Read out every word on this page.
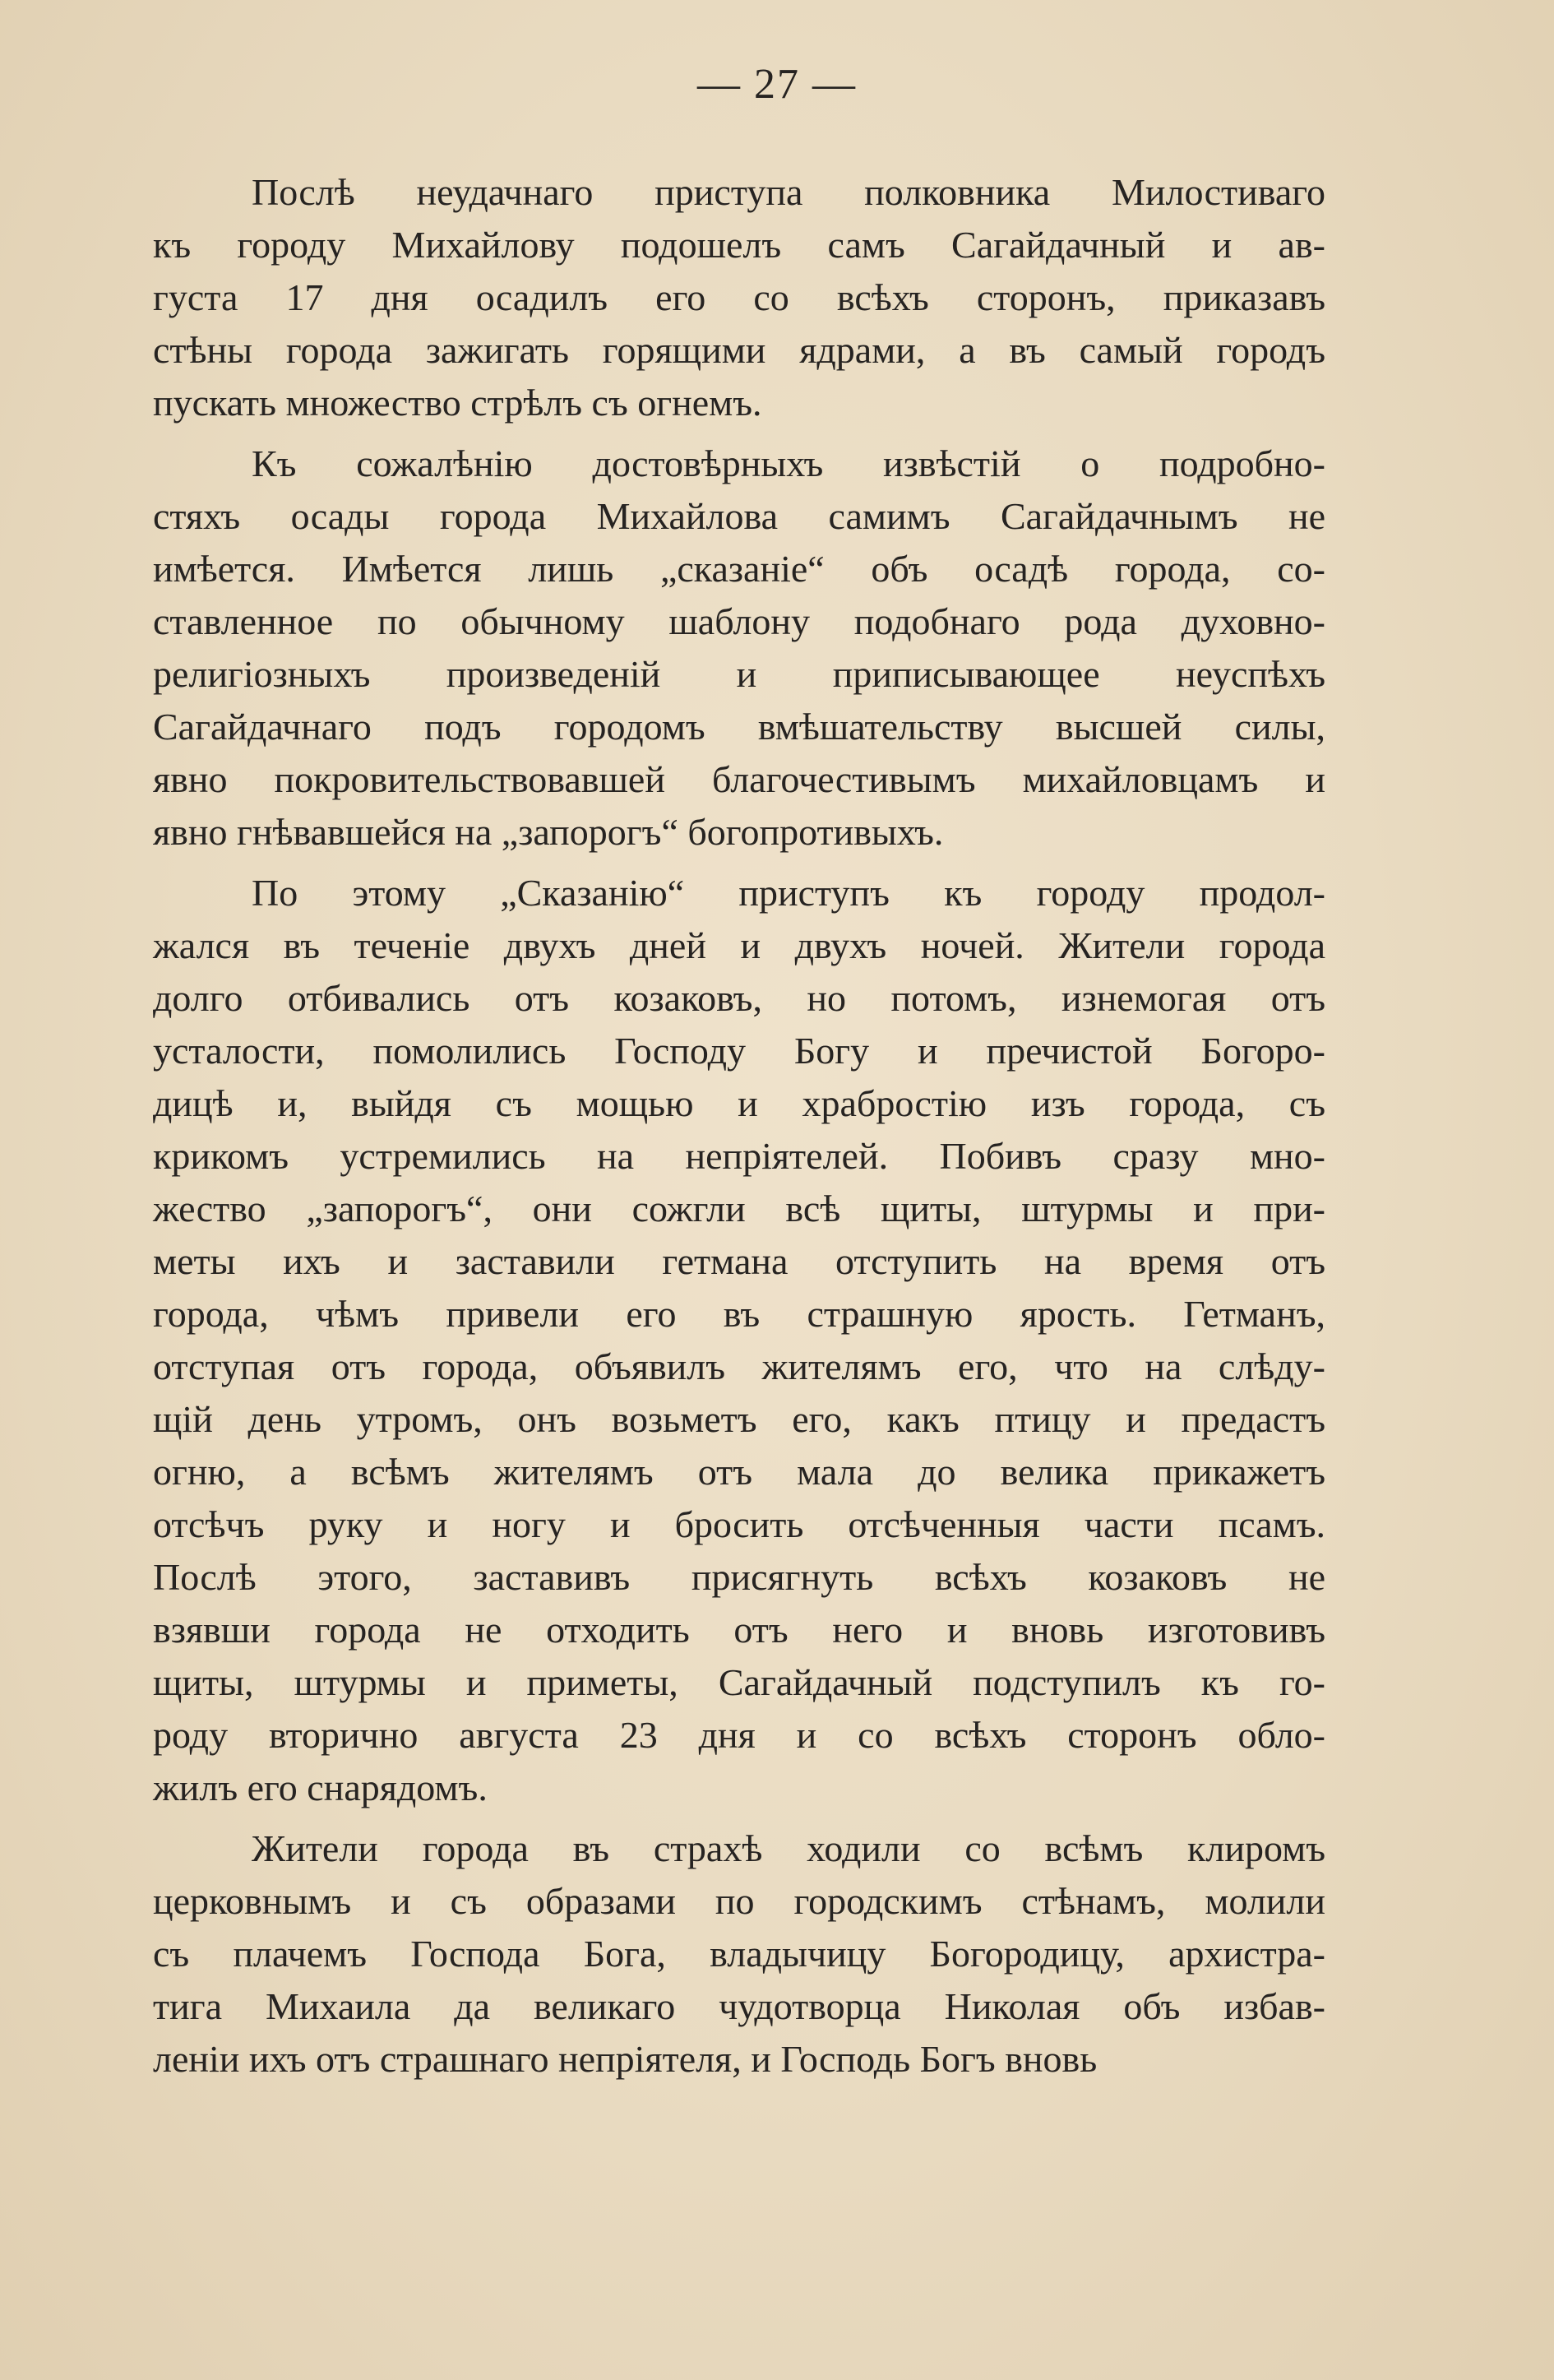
— 27 —
Послѣ неудачнаго приступа полковника Милостиваго
къ городу Михайлову подошелъ самъ Сагайдачный и ав-
густа 17 дня осадилъ его со всѣхъ сторонъ, приказавъ
стѣны города зажигать горящими ядрами, а въ самый городъ
пускать множество стрѣлъ съ огнемъ.
Къ сожалѣнію достовѣрныхъ извѣстій о подробно-
стяхъ осады города Михайлова самимъ Сагайдачнымъ не
имѣется. Имѣется лишь „сказаніе“ объ осадѣ города, со-
ставленное по обычному шаблону подобнаго рода духовно-
религіозныхъ произведеній и приписывающее неуспѣхъ
Сагайдачнаго подъ городомъ вмѣшательству высшей силы,
явно покровительствовавшей благочестивымъ михайловцамъ и
явно гнѣвавшейся на „запорогъ“ богопротивыхъ.
По этому „Сказанію“ приступъ къ городу продол-
жался въ теченіе двухъ дней и двухъ ночей. Жители города
долго отбивались отъ козаковъ, но потомъ, изнемогая отъ
усталости, помолились Господу Богу и пречистой Богоро-
дицѣ и, выйдя съ мощью и храбростію изъ города, съ
крикомъ устремились на непріятелей. Побивъ сразу мно-
жество „запорогъ“, они сожгли всѣ щиты, штурмы и при-
меты ихъ и заставили гетмана отступить на время отъ
города, чѣмъ привели его въ страшную ярость. Гетманъ,
отступая отъ города, объявилъ жителямъ его, что на слѣду-
щій день утромъ, онъ возьметъ его, какъ птицу и предастъ
огню, а всѣмъ жителямъ отъ мала до велика прикажетъ
отсѣчъ руку и ногу и бросить отсѣченныя части псамъ.
Послѣ этого, заставивъ присягнуть всѣхъ козаковъ не
взявши города не отходить отъ него и вновь изготовивъ
щиты, штурмы и приметы, Сагайдачный подступилъ къ го-
роду вторично августа 23 дня и со всѣхъ сторонъ обло-
жилъ его снарядомъ.
Жители города въ страхѣ ходили со всѣмъ клиромъ
церковнымъ и съ образами по городскимъ стѣнамъ, молили
съ плачемъ Господа Бога, владычицу Богородицу, архистра-
тига Михаила да великаго чудотворца Николая объ избав-
леніи ихъ отъ страшнаго непріятеля, и Господь Богъ вновь
